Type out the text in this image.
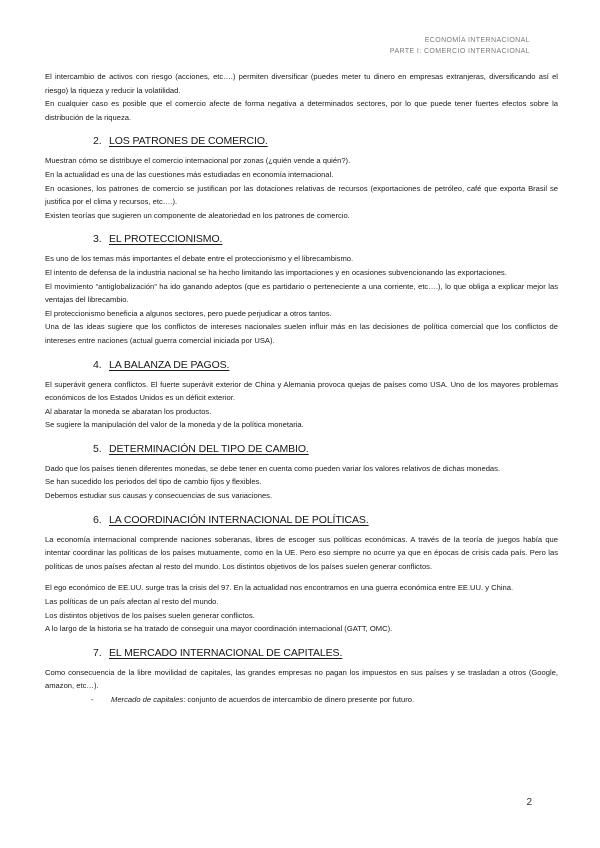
ECONOMÍA INTERNACIONAL
PARTE I: COMERCIO INTERNACIONAL

El intercambio de activos con riesgo (acciones, etc….) permiten diversificar (puedes meter tu dinero en empresas extranjeras, diversificando así el riesgo) la riqueza y reducir la volatilidad.

En cualquier caso es posible que el comercio afecte de forma negativa a determinados sectores, por lo que puede tener fuertes efectos sobre la distribución de la riqueza.

2. LOS PATRONES DE COMERCIO.

Muestran cómo se distribuye el comercio internacional por zonas (¿quién vende a quién?).

En la actualidad es una de las cuestiones más estudiadas en economía internacional.

En ocasiones, los patrones de comercio se justifican por las dotaciones relativas de recursos (exportaciones de petróleo, café que exporta Brasil se justifica por el clima y recursos, etc….).

Existen teorías que sugieren un componente de aleatoriedad en los patrones de comercio.

3. EL PROTECCIONISMO.

Es uno de los temas más importantes el debate entre el proteccionismo y el librecambismo.

El intento de defensa de la industria nacional se ha hecho limitando las importaciones y en ocasiones subvencionando las exportaciones.

El movimiento “antiglobalización” ha ido ganando adeptos (que es partidario o perteneciente a una corriente, etc….), lo que obliga a explicar mejor las ventajas del librecambio.

El proteccionismo beneficia a algunos sectores, pero puede perjudicar a otros tantos.

Una de las ideas sugiere que los conflictos de intereses nacionales suelen influir más en las decisiones de política comercial que los conflictos de intereses entre naciones (actual guerra comercial iniciada por USA).

4. LA BALANZA DE PAGOS.

El superávit genera conflictos. El fuerte superávit exterior de China y Alemania provoca quejas de países como USA. Uno de los mayores problemas económicos de los Estados Unidos es un déficit exterior.

Al abaratar la moneda se abaratan los productos.

Se sugiere la manipulación del valor de la moneda y de la política monetaria.

5. DETERMINACIÓN DEL TIPO DE CAMBIO.

Dado que los países tienen diferentes monedas, se debe tener en cuenta como pueden variar los valores relativos de dichas monedas.

Se han sucedido los periodos del tipo de cambio fijos y flexibles.

Debemos estudiar sus causas y consecuencias de sus variaciones.

6. LA COORDINACIÓN INTERNACIONAL DE POLÍTICAS.

La economía internacional comprende naciones soberanas, libres de escoger sus políticas económicas. A través de la teoría de juegos había que intentar coordinar las políticas de los países mutuamente, como en la UE. Pero eso siempre no ocurre ya que en épocas de crisis cada país. Pero las políticas de unos países afectan al resto del mundo. Los distintos objetivos de los países suelen generar conflictos.

El ego económico de EE.UU. surge tras la crisis del 97. En la actualidad nos encontramos en una guerra económica entre EE.UU. y China.

Las políticas de un país afectan al resto del mundo.

Los distintos objetivos de los países suelen generar conflictos.

A lo largo de la historia se ha tratado de conseguir una mayor coordinación internacional (GATT, OMC).

7. EL MERCADO INTERNACIONAL DE CAPITALES.

Como consecuencia de la libre movilidad de capitales, las grandes empresas no pagan los impuestos en sus países y se trasladan a otros (Google, amazon, etc…).

- Mercado de capitales: conjunto de acuerdos de intercambio de dinero presente por futuro.
2
